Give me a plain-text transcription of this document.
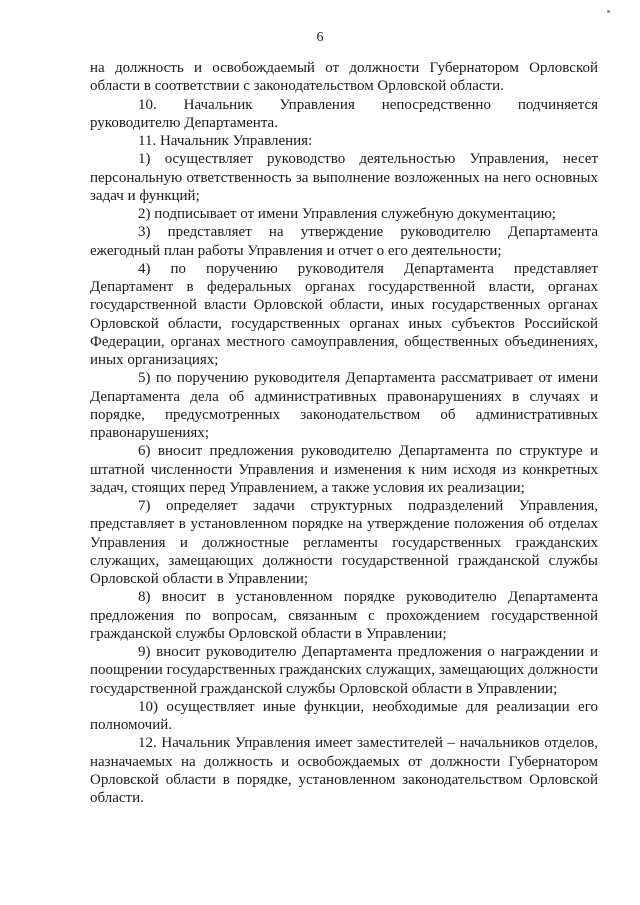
6

на должность и освобождаемый от должности Губернатором Орловской области в соответствии с законодательством Орловской области.

10. Начальник Управления непосредственно подчиняется руководителю Департамента.

11. Начальник Управления:

1) осуществляет руководство деятельностью Управления, несет персональную ответственность за выполнение возложенных на него основных задач и функций;

2) подписывает от имени Управления служебную документацию;

3) представляет на утверждение руководителю Департамента ежегодный план работы Управления и отчет о его деятельности;

4) по поручению руководителя Департамента представляет Департамент в федеральных органах государственной власти, органах государственной власти Орловской области, иных государственных органах Орловской области, государственных органах иных субъектов Российской Федерации, органах местного самоуправления, общественных объединениях, иных организациях;

5) по поручению руководителя Департамента рассматривает от имени Департамента дела об административных правонарушениях в случаях и порядке, предусмотренных законодательством об административных правонарушениях;

6) вносит предложения руководителю Департамента по структуре и штатной численности Управления и изменения к ним исходя из конкретных задач, стоящих перед Управлением, а также условия их реализации;

7) определяет задачи структурных подразделений Управления, представляет в установленном порядке на утверждение положения об отделах Управления и должностные регламенты государственных гражданских служащих, замещающих должности государственной гражданской службы Орловской области в Управлении;

8) вносит в установленном порядке руководителю Департамента предложения по вопросам, связанным с прохождением государственной гражданской службы Орловской области в Управлении;

9) вносит руководителю Департамента предложения о награждении и поощрении государственных гражданских служащих, замещающих должности государственной гражданской службы Орловской области в Управлении;

10) осуществляет иные функции, необходимые для реализации его полномочий.

12. Начальник Управления имеет заместителей – начальников отделов, назначаемых на должность и освобождаемых от должности Губернатором Орловской области в порядке, установленном законодательством Орловской области.
